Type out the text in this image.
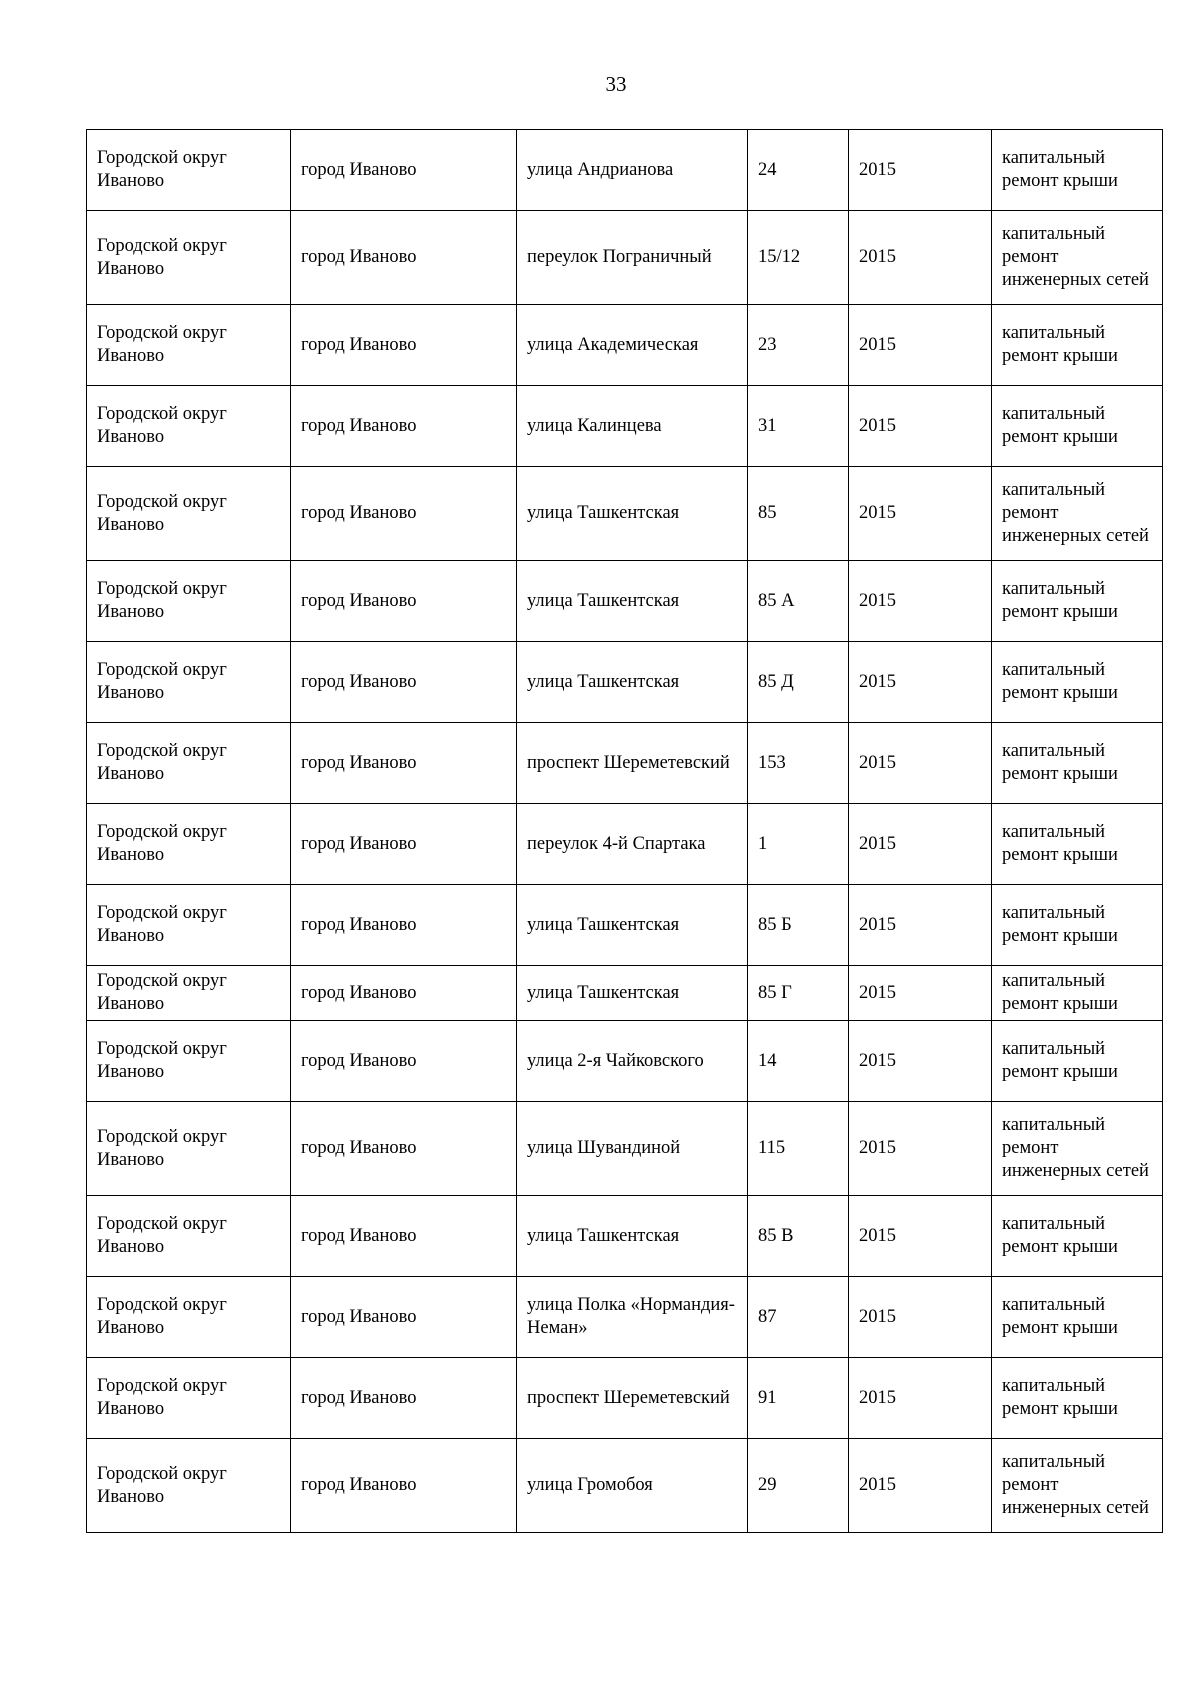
33
Городской округ Иваново	город Иваново	улица Андрианова	24	2015	капитальный ремонт крыши
Городской округ Иваново	город Иваново	переулок Пограничный	15/12	2015	капитальный ремонт инженерных сетей
Городской округ Иваново	город Иваново	улица Академическая	23	2015	капитальный ремонт крыши
Городской округ Иваново	город Иваново	улица Калинцева	31	2015	капитальный ремонт крыши
Городской округ Иваново	город Иваново	улица Ташкентская	85	2015	капитальный ремонт инженерных сетей
Городской округ Иваново	город Иваново	улица Ташкентская	85 А	2015	капитальный ремонт крыши
Городской округ Иваново	город Иваново	улица Ташкентская	85 Д	2015	капитальный ремонт крыши
Городской округ Иваново	город Иваново	проспект Шереметевский	153	2015	капитальный ремонт крыши
Городской округ Иваново	город Иваново	переулок 4-й Спартака	1	2015	капитальный ремонт крыши
Городской округ Иваново	город Иваново	улица Ташкентская	85 Б	2015	капитальный ремонт крыши
Городской округ Иваново	город Иваново	улица Ташкентская	85 Г	2015	капитальный ремонт крыши
Городской округ Иваново	город Иваново	улица 2-я Чайковского	14	2015	капитальный ремонт крыши
Городской округ Иваново	город Иваново	улица Шувандиной	115	2015	капитальный ремонт инженерных сетей
Городской округ Иваново	город Иваново	улица Ташкентская	85 В	2015	капитальный ремонт крыши
Городской округ Иваново	город Иваново	улица Полка «Нормандия-Неман»	87	2015	капитальный ремонт крыши
Городской округ Иваново	город Иваново	проспект Шереметевский	91	2015	капитальный ремонт крыши
Городской округ Иваново	город Иваново	улица Громобоя	29	2015	капитальный ремонт инженерных сетей
